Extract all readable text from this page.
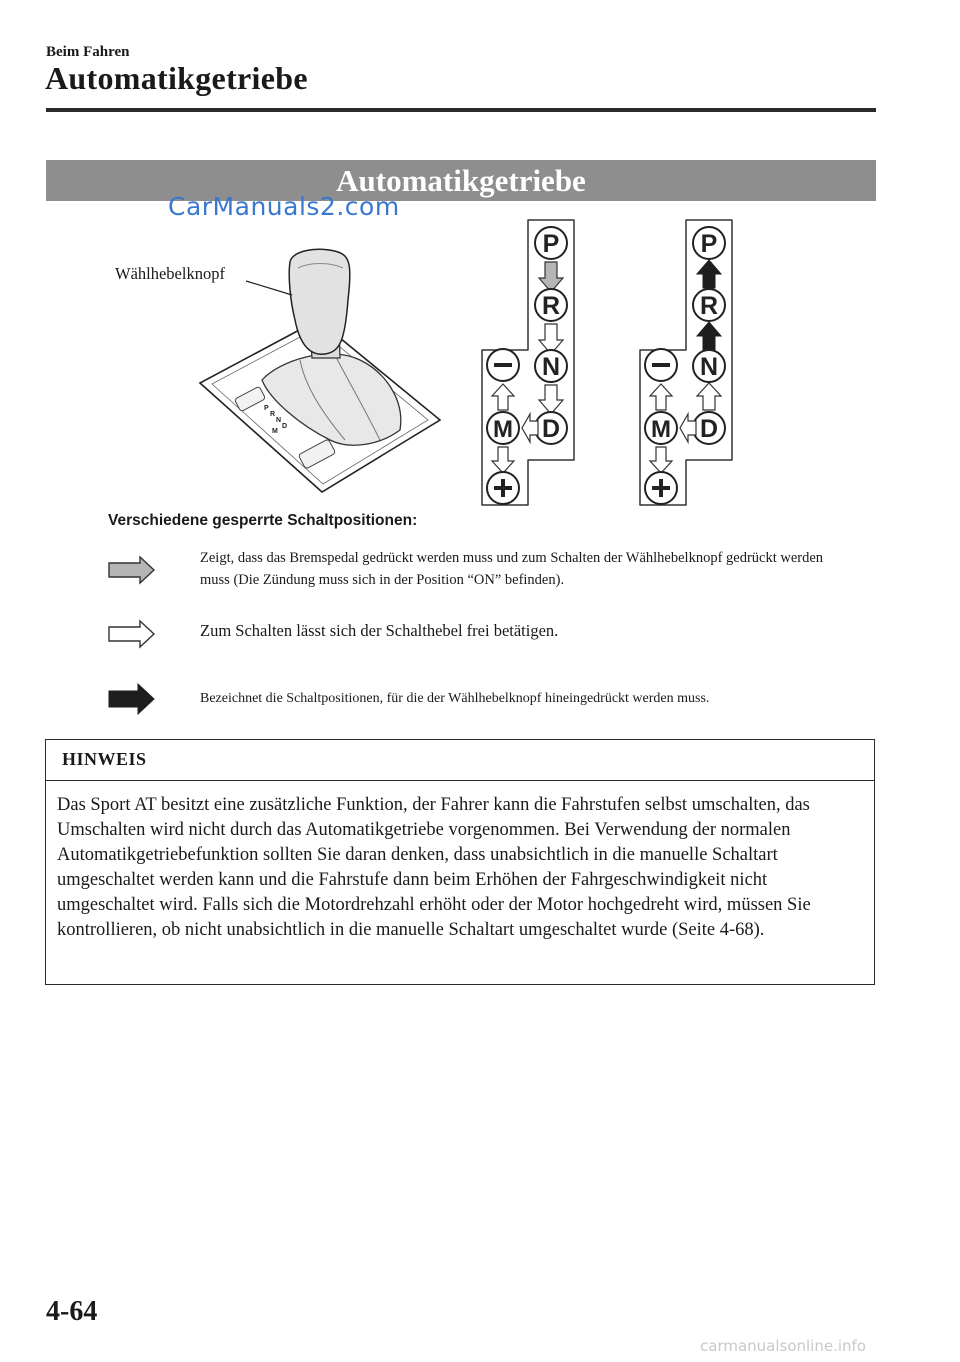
Beim Fahren
Automatikgetriebe
Automatikgetriebe
CarManuals2.com
P
R
N
D
M
Wählhebelknopf
P
R
N
D
M
P
R
N
D
M
Verschiedene gesperrte Schaltpositionen:
Zeigt, dass das Bremspedal gedrückt werden muss und zum Schalten der Wählhebelknopf gedrückt werden muss (Die Zündung muss sich in der Position “ON” befinden).
Zum Schalten lässt sich der Schalthebel frei betätigen.
Bezeichnet die Schaltpositionen, für die der Wählhebelknopf hineingedrückt werden muss.
HINWEIS
Das Sport AT besitzt eine zusätzliche Funktion, der Fahrer kann die Fahrstufen selbst umschalten, das Umschalten wird nicht durch das Automatikgetriebe vorgenommen. Bei Verwendung der normalen Automatikgetriebefunktion sollten Sie daran denken, dass unabsichtlich in die manuelle Schaltart umgeschaltet werden kann und die Fahrstufe dann beim Erhöhen der Fahrgeschwindigkeit nicht umgeschaltet wird. Falls sich die Motordrehzahl erhöht oder der Motor hochgedreht wird, müssen Sie kontrollieren, ob nicht unabsichtlich in die manuelle Schaltart umgeschaltet wurde (Seite 4-68).
4-64
carmanualsonline.info
